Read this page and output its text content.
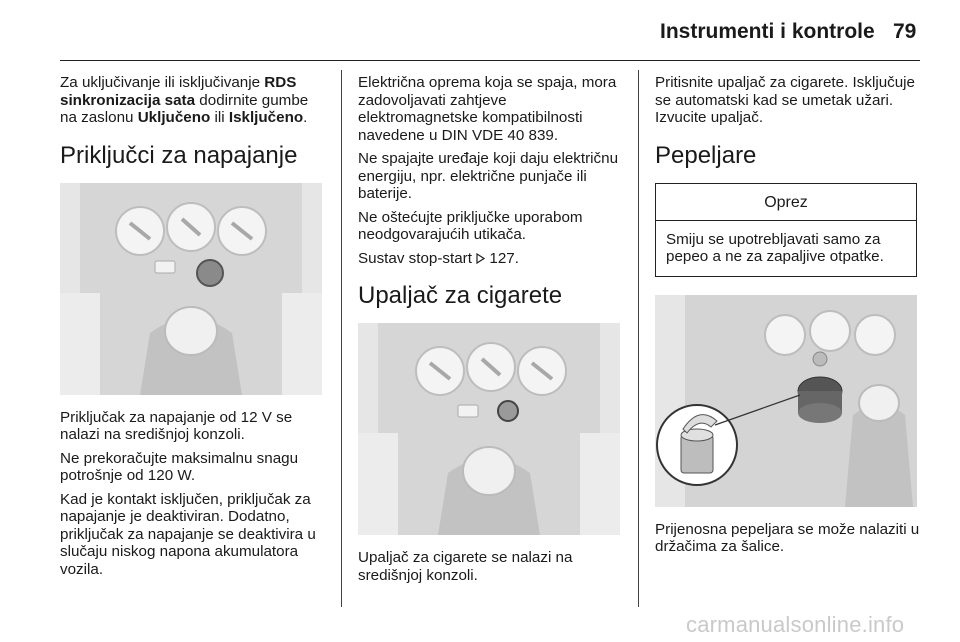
Instrumenti i kontrole 79

Za uključivanje ili isključivanje RDS sinkronizacija sata dodirnite gumbe na zaslonu Uključeno ili Isključeno.

Priključci za napajanje

Priključak za napajanje od 12 V se nalazi na središnjoj konzoli.

Ne prekoračujte maksimalnu snagu potrošnje od 120 W.

Kad je kontakt isključen, priključak za napajanje je deaktiviran. Dodatno, priključak za napajanje se deaktivira u slučaju niskog napona akumulatora vozila.

Električna oprema koja se spaja, mora zadovoljavati zahtjeve elektromagnetske kompatibilnosti navedene u DIN VDE 40 839.

Ne spajajte uređaje koji daju električnu energiju, npr. električne punjače ili baterije.

Ne oštećujte priključke uporabom neodgovarajućih utikača.

Sustav stop-start  127.

Upaljač za cigarete

Upaljač za cigarete se nalazi na središnjoj konzoli.

Pritisnite upaljač za cigarete. Isključuje se automatski kad se umetak užari. Izvucite upaljač.

Pepeljare
Oprez
Smiju se upotrebljavati samo za pepeo a ne za zapaljive otpatke.

Prijenosna pepeljara se može nalaziti u držačima za šalice.

carmanualsonline.info
